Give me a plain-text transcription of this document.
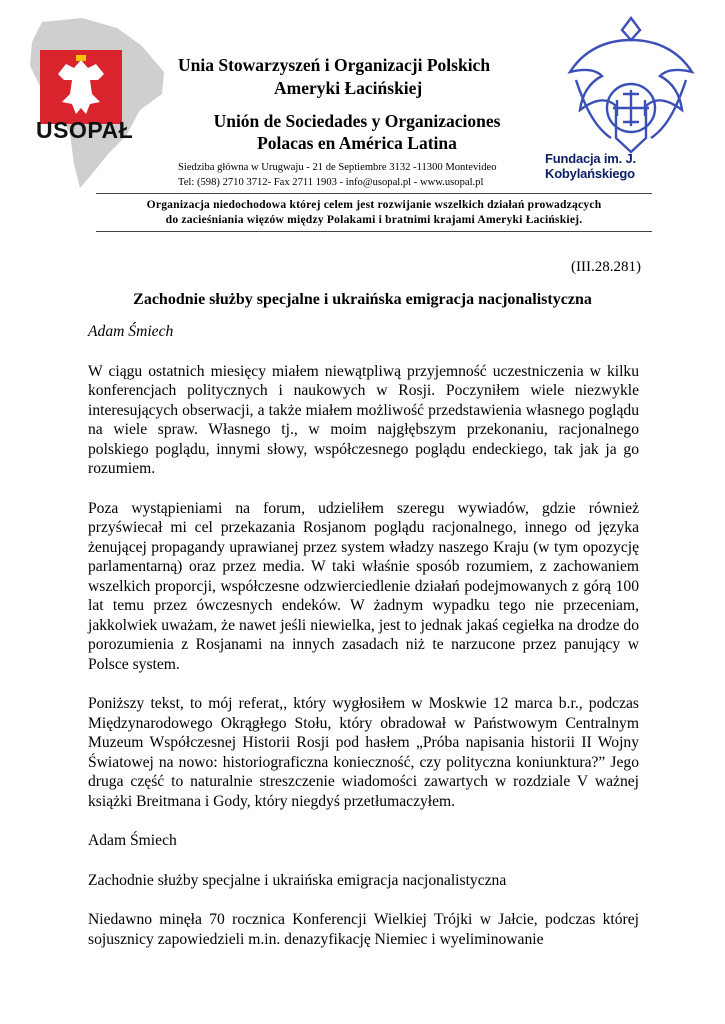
USOPAŁ
Unia Stowarzyszeń i Organizacji Polskich
Ameryki Łacińskiej
Unión de Sociedades y Organizaciones
Polacas en América Latina
Siedziba główna w Urugwaju - 21 de Septiembre 3132 -11300 Montevideo
Tel: (598) 2710 3712- Fax 2711 1903 - info@usopal.pl - www.usopal.pl
Organizacja niedochodowa której celem jest rozwijanie wszelkich działań prowadzących
do zacieśniania więzów między Polakami i bratnimi krajami Ameryki Łacińskiej.
Fundacja im. J. Kobylańskiego
(III.28.281)
Zachodnie służby specjalne i ukraińska emigracja nacjonalistyczna

Adam Śmiech

W ciągu ostatnich miesięcy miałem niewątpliwą przyjemność uczestniczenia w kilku konferencjach politycznych i naukowych w Rosji. Poczyniłem wiele niezwykle interesujących obserwacji, a także miałem możliwość przedstawienia własnego poglądu na wiele spraw. Własnego tj., w moim najgłębszym przekonaniu, racjonalnego polskiego poglądu, innymi słowy, współczesnego poglądu endeckiego, tak jak ja go rozumiem.

Poza wystąpieniami na forum, udzieliłem szeregu wywiadów, gdzie również przyświecał mi cel przekazania Rosjanom poglądu racjonalnego, innego od języka żenującej propagandy uprawianej przez system władzy naszego Kraju (w tym opozycję parlamentarną) oraz przez media. W taki właśnie sposób rozumiem, z zachowaniem wszelkich proporcji, współczesne odzwierciedlenie działań podejmowanych z górą 100 lat temu przez ówczesnych endeków. W żadnym wypadku tego nie przeceniam, jakkolwiek uważam, że nawet jeśli niewielka, jest to jednak jakaś cegiełka na drodze do porozumienia z Rosjanami na innych zasadach niż te narzucone przez panujący w Polsce system.

Poniższy tekst, to mój referat,, który wygłosiłem w Moskwie 12 marca b.r., podczas Międzynarodowego Okrągłego Stołu, który obradował w Państwowym Centralnym Muzeum Współczesnej Historii Rosji pod hasłem „Próba napisania historii II Wojny Światowej na nowo: historiograficzna konieczność, czy polityczna koniunktura?” Jego druga część to naturalnie streszczenie wiadomości zawartych w rozdziale V ważnej książki Breitmana i Gody, który niegdyś przetłumaczyłem.

Adam Śmiech

Zachodnie służby specjalne i ukraińska emigracja nacjonalistyczna

Niedawno minęła 70 rocznica Konferencji Wielkiej Trójki w Jałcie, podczas której sojusznicy zapowiedzieli m.in. denazyfikację Niemiec i wyeliminowanie
